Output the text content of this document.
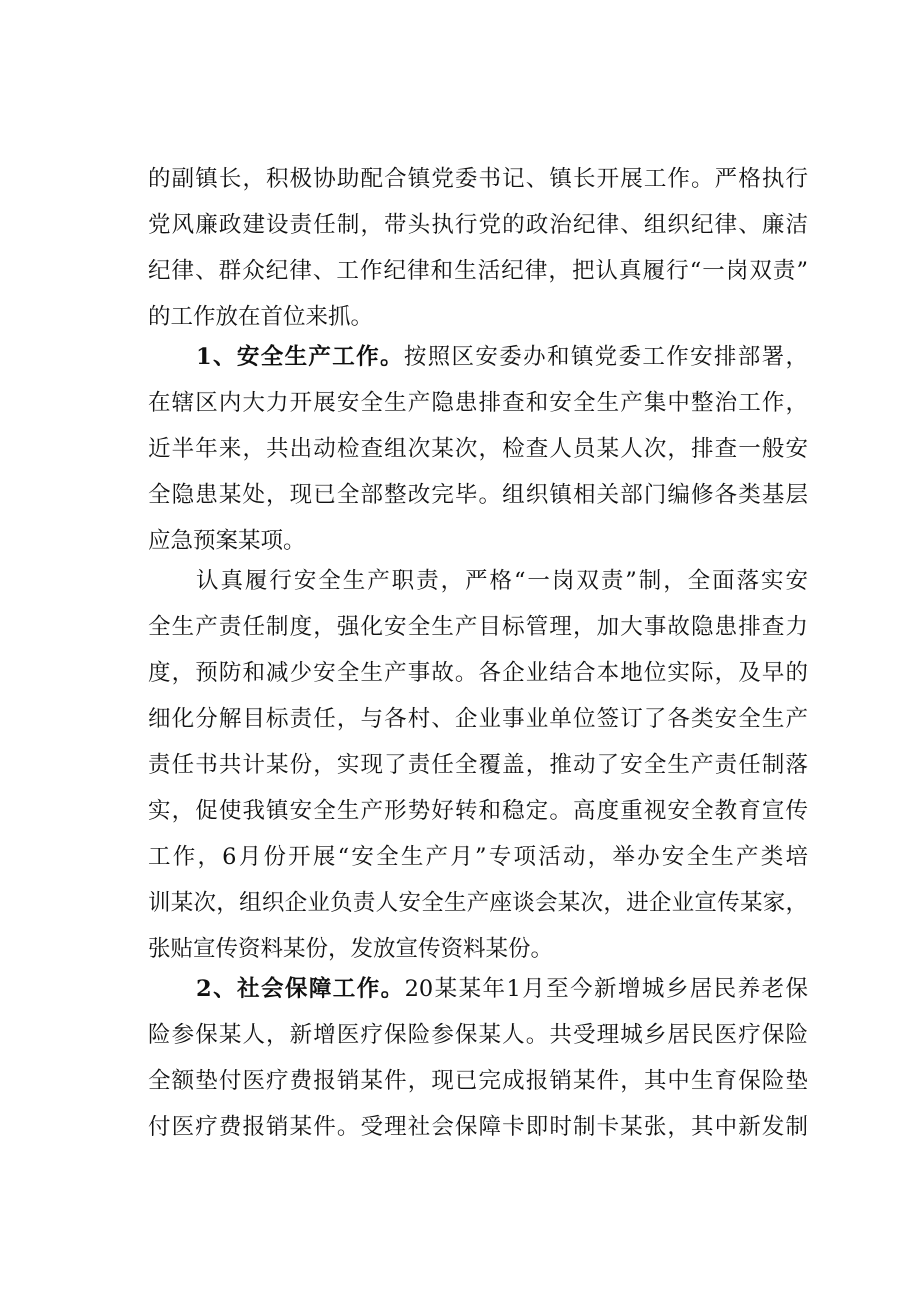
的副镇长，积极协助配合镇党委书记、镇长开展工作。严格执行
党风廉政建设责任制，带头执行党的政治纪律、组织纪律、廉洁
纪律、群众纪律、工作纪律和生活纪律，把认真履行“一岗双责”
的工作放在首位来抓。
1、安全生产工作。按照区安委办和镇党委工作安排部署，
在辖区内大力开展安全生产隐患排查和安全生产集中整治工作，
近半年来，共出动检查组次某次，检查人员某人次，排查一般安
全隐患某处，现已全部整改完毕。组织镇相关部门编修各类基层
应急预案某项。
认真履行安全生产职责，严格“一岗双责”制，全面落实安
全生产责任制度，强化安全生产目标管理，加大事故隐患排查力
度，预防和减少安全生产事故。各企业结合本地位实际，及早的
细化分解目标责任，与各村、企业事业单位签订了各类安全生产
责任书共计某份，实现了责任全覆盖，推动了安全生产责任制落
实，促使我镇安全生产形势好转和稳定。高度重视安全教育宣传
工作，6月份开展“安全生产月”专项活动，举办安全生产类培
训某次，组织企业负责人安全生产座谈会某次，进企业宣传某家，
张贴宣传资料某份，发放宣传资料某份。
2、社会保障工作。20某某年1月至今新增城乡居民养老保
险参保某人，新增医疗保险参保某人。共受理城乡居民医疗保险
全额垫付医疗费报销某件，现已完成报销某件，其中生育保险垫
付医疗费报销某件。受理社会保障卡即时制卡某张，其中新发制
